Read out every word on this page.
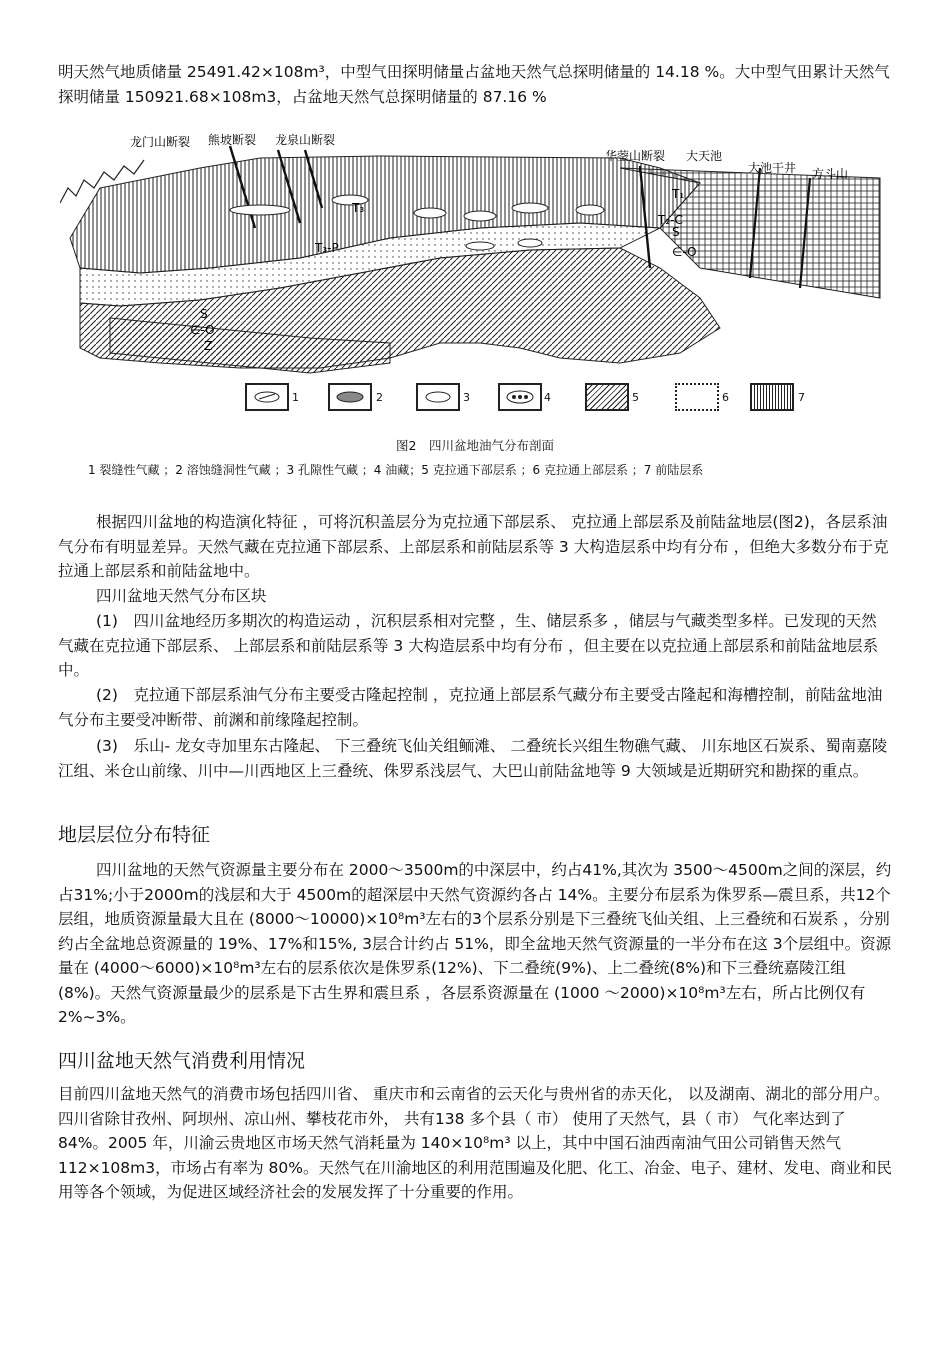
明天然气地质储量 25491.42×108m³，中型气田探明储量占盆地天然气总探明储量的 14.18 %。大中型气田累计天然气探明储量 150921.68×108m3，占盆地天然气总探明储量的 87.16 %

龙门山断裂 熊坡断裂 龙泉山断裂
华蓥山断裂 大天池
大池干井 方斗山
T₃
T₃-P
T₂-C
T₁
∈-O
S
∈-O
S
Z
1	2	3	4	5	6	7
图2　四川盆地油气分布剖面
1 裂缝性气藏 ；2 溶蚀缝洞性气藏 ；3 孔隙性气藏 ；4 油藏；5 克拉通下部层系 ；6 克拉通上部层系 ；7 前陆层系

根据四川盆地的构造演化特征 ，可将沉积盖层分为克拉通下部层系、 克拉通上部层系及前陆盆地层(图2)，各层系油气分布有明显差异。天然气藏在克拉通下部层系、上部层系和前陆层系等 3 大构造层系中均有分布 ，但绝大多数分布于克拉通上部层系和前陆盆地中。

四川盆地天然气分布区块

(1)　四川盆地经历多期次的构造运动 ，沉积层系相对完整 ，生、储层系多 ，储层与气藏类型多样。已发现的天然气藏在克拉通下部层系、 上部层系和前陆层系等 3 大构造层系中均有分布 ，但主要在以克拉通上部层系和前陆盆地层系中。

(2)　克拉通下部层系油气分布主要受古隆起控制 ，克拉通上部层系气藏分布主要受古隆起和海槽控制，前陆盆地油气分布主要受冲断带、前渊和前缘隆起控制。

(3)　乐山- 龙女寺加里东古隆起、 下三叠统飞仙关组鲕滩、 二叠统长兴组生物礁气藏、 川东地区石炭系、蜀南嘉陵江组、米仓山前缘、川中—川西地区上三叠统、侏罗系浅层气、大巴山前陆盆地等 9 大领域是近期研究和勘探的重点。

地层层位分布特征

四川盆地的天然气资源量主要分布在 2000～3500m的中深层中，约占41%,其次为 3500～4500m之间的深层，约占31%;小于2000m的浅层和大于 4500m的超深层中天然气资源约各占 14%。主要分布层系为侏罗系—震旦系，共12个层组，地质资源量最大且在 (8000～10000)×10⁸m³左右的3个层系分别是下三叠统飞仙关组、上三叠统和石炭系 ，分别约占全盆地总资源量的 19%、17%和15%, 3层合计约占 51%，即全盆地天然气资源量的一半分布在这 3个层组中。资源量在 (4000～6000)×10⁸m³左右的层系依次是侏罗系(12%)、下二叠统(9%)、上二叠统(8%)和下三叠统嘉陵江组 (8%)。天然气资源量最少的层系是下古生界和震旦系 ，各层系资源量在 (1000 ～2000)×10⁸m³左右，所占比例仅有 2%~3%。

四川盆地天然气消费利用情况

目前四川盆地天然气的消费市场包括四川省、 重庆市和云南省的云天化与贵州省的赤天化， 以及湖南、湖北的部分用户。四川省除甘孜州、阿坝州、凉山州、攀枝花市外， 共有138 多个县（ 市） 使用了天然气，县（ 市） 气化率达到了 84%。2005 年，川渝云贵地区市场天然气消耗量为 140×10⁸m³ 以上，其中中国石油西南油气田公司销售天然气 112×108m3，市场占有率为 80%。天然气在川渝地区的利用范围遍及化肥、化工、冶金、电子、建材、发电、商业和民用等各个领域，为促进区域经济社会的发展发挥了十分重要的作用。
